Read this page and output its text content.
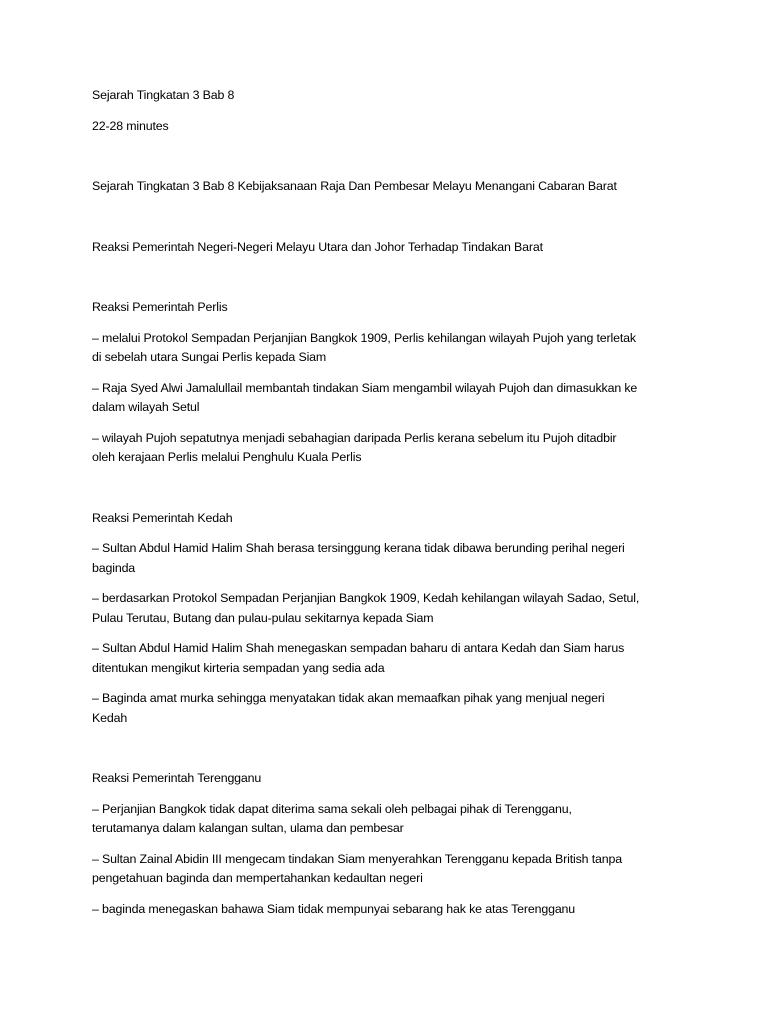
Sejarah Tingkatan 3 Bab 8

22-28 minutes

Sejarah Tingkatan 3 Bab 8 Kebijaksanaan Raja Dan Pembesar Melayu Menangani Cabaran Barat

Reaksi Pemerintah Negeri-Negeri Melayu Utara dan Johor Terhadap Tindakan Barat

Reaksi Pemerintah Perlis

– melalui Protokol Sempadan Perjanjian Bangkok 1909, Perlis kehilangan wilayah Pujoh yang terletak
di sebelah utara Sungai Perlis kepada Siam

– Raja Syed Alwi Jamalullail membantah tindakan Siam mengambil wilayah Pujoh dan dimasukkan ke
dalam wilayah Setul

– wilayah Pujoh sepatutnya menjadi sebahagian daripada Perlis kerana sebelum itu Pujoh ditadbir
oleh kerajaan Perlis melalui Penghulu Kuala Perlis

Reaksi Pemerintah Kedah

– Sultan Abdul Hamid Halim Shah berasa tersinggung kerana tidak dibawa berunding perihal negeri
baginda

– berdasarkan Protokol Sempadan Perjanjian Bangkok 1909, Kedah kehilangan wilayah Sadao, Setul,
Pulau Terutau, Butang dan pulau-pulau sekitarnya kepada Siam

– Sultan Abdul Hamid Halim Shah menegaskan sempadan baharu di antara Kedah dan Siam harus
ditentukan mengikut kirteria sempadan yang sedia ada

– Baginda amat murka sehingga menyatakan tidak akan memaafkan pihak yang menjual negeri
Kedah

Reaksi Pemerintah Terengganu

– Perjanjian Bangkok tidak dapat diterima sama sekali oleh pelbagai pihak di Terengganu,
terutamanya dalam kalangan sultan, ulama dan pembesar

– Sultan Zainal Abidin III mengecam tindakan Siam menyerahkan Terengganu kepada British tanpa
pengetahuan baginda dan mempertahankan kedaultan negeri

– baginda menegaskan bahawa Siam tidak mempunyai sebarang hak ke atas Terengganu
